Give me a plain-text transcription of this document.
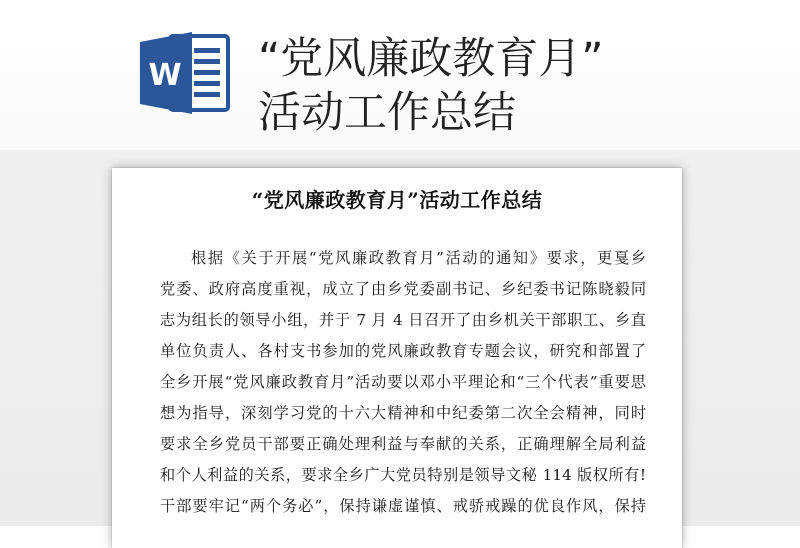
W “党风廉政教育月”
活动工作总结
“党风廉政教育月”活动工作总结
根据《关于开展“党风廉政教育月”活动的通知》要求，更戛乡
党委、政府高度重视，成立了由乡党委副书记、乡纪委书记陈晓毅同
志为组长的领导小组，并于 7 月 4 日召开了由乡机关干部职工、乡直
单位负责人、各村支书参加的党风廉政教育专题会议，研究和部置了
全乡开展“党风廉政教育月”活动要以邓小平理论和“三个代表”重要思
想为指导，深刻学习党的十六大精神和中纪委第二次全会精神，同时
要求全乡党员干部要正确处理利益与奉献的关系，正确理解全局利益
和个人利益的关系，要求全乡广大党员特别是领导文秘 114 版权所有!
干部要牢记“两个务必”，保持谦虚谨慎、戒骄戒躁的优良作风，保持
